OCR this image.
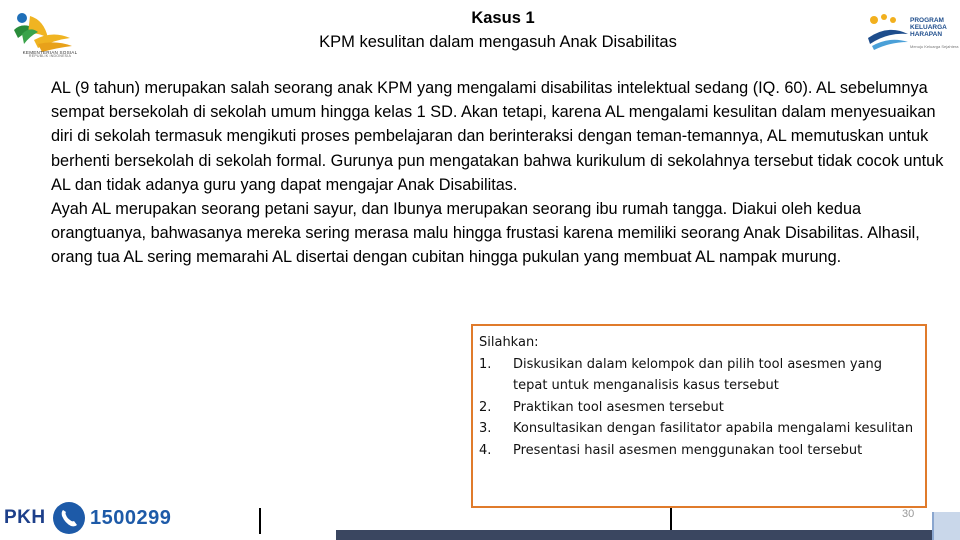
KEMENTERIAN SOSIAL
REPUBLIK INDONESIA
PROGRAM
KELUARGA
HARAPAN
Menuju Keluarga Sejahtera
Kasus 1
KPM kesulitan dalam mengasuh Anak Disabilitas

AL (9 tahun) merupakan salah seorang anak KPM yang mengalami disabilitas intelektual sedang (IQ. 60). AL sebelumnya sempat bersekolah di sekolah umum hingga kelas 1 SD. Akan tetapi, karena AL mengalami kesulitan dalam menyesuaikan diri di sekolah termasuk mengikuti proses pembelajaran dan berinteraksi dengan teman-temannya, AL memutuskan untuk berhenti bersekolah di sekolah formal. Gurunya pun mengatakan bahwa kurikulum di sekolahnya tersebut tidak cocok untuk AL dan tidak adanya guru yang dapat mengajar Anak Disabilitas.

Ayah AL merupakan seorang petani sayur, dan Ibunya merupakan seorang ibu rumah tangga. Diakui oleh kedua orangtuanya, bahwasanya mereka sering merasa malu hingga frustasi karena memiliki seorang Anak Disabilitas. Alhasil, orang tua AL sering memarahi AL disertai dengan cubitan hingga pukulan yang membuat AL nampak murung.

Silahkan:

1. Diskusikan dalam kelompok dan pilih tool asesmen yang tepat untuk menganalisis kasus tersebut
2. Praktikan tool asesmen tersebut
3. Konsultasikan dengan fasilitator apabila mengalami kesulitan
4. Presentasi hasil asesmen menggunakan tool tersebut
PKH 1500299	30
